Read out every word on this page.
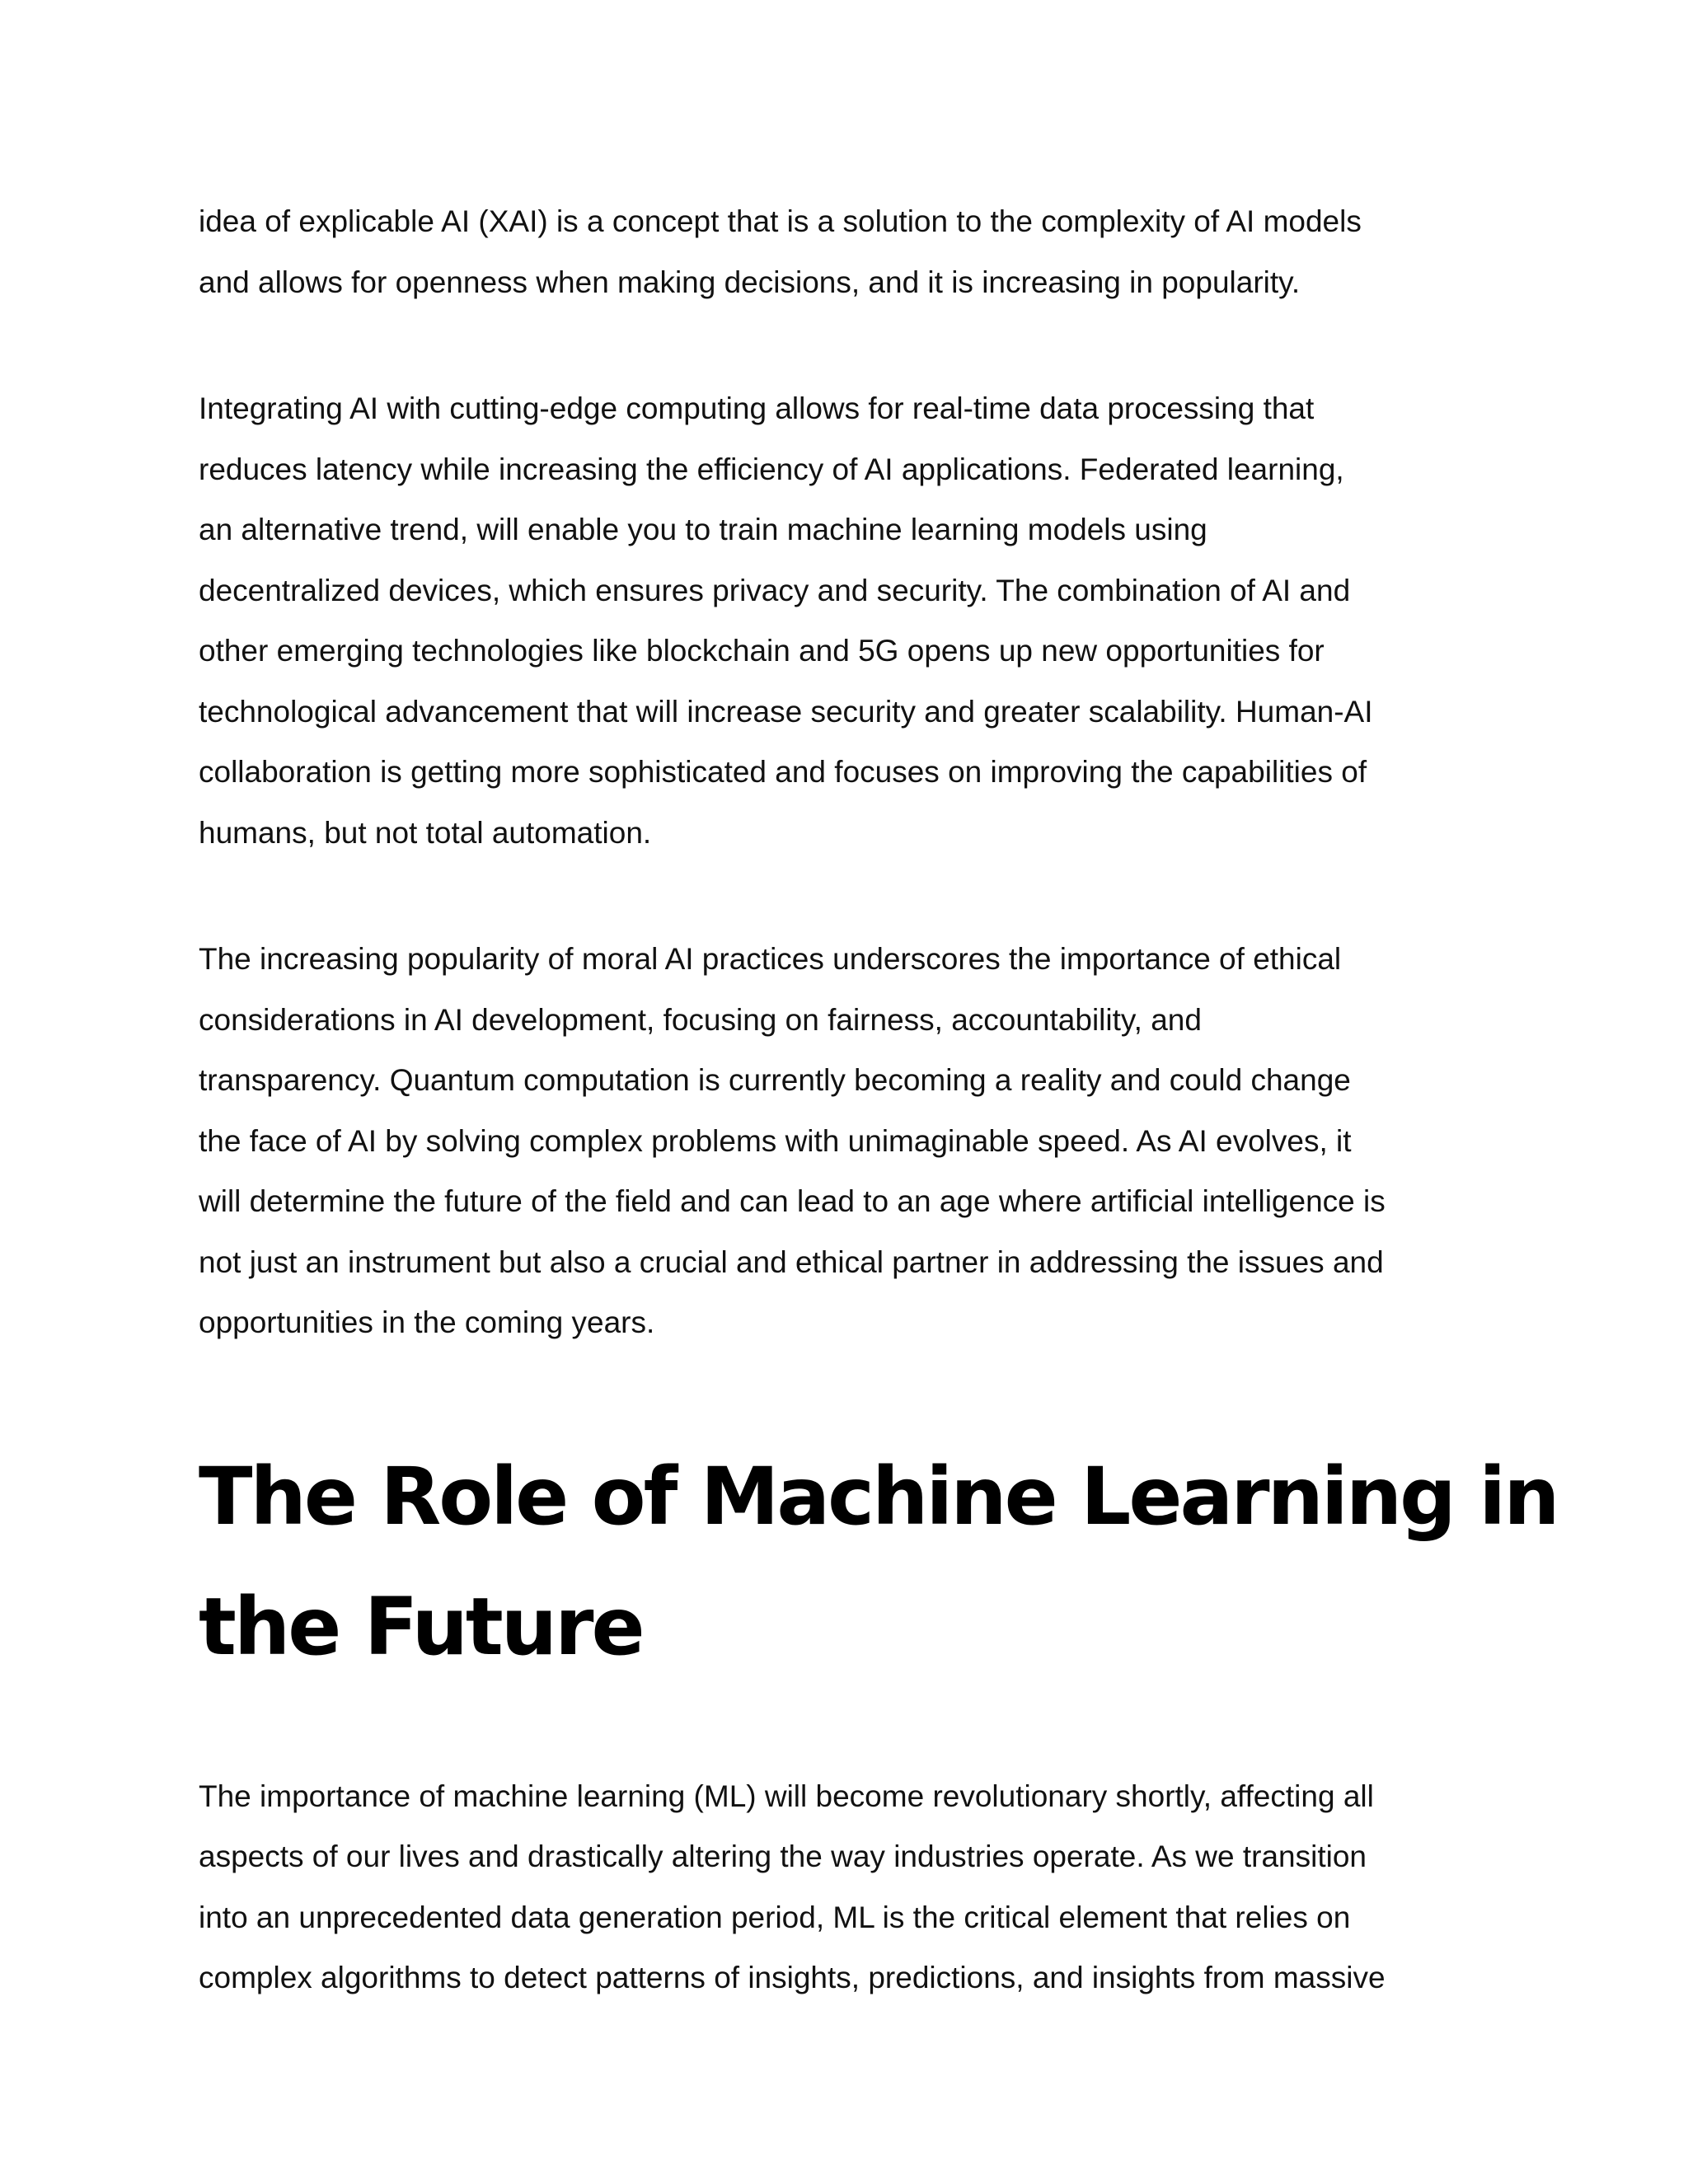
idea of explicable AI (XAI) is a concept that is a solution to the complexity of AI models
and allows for openness when making decisions, and it is increasing in popularity.

Integrating AI with cutting-edge computing allows for real-time data processing that
reduces latency while increasing the efficiency of AI applications. Federated learning,
an alternative trend, will enable you to train machine learning models using
decentralized devices, which ensures privacy and security. The combination of AI and
other emerging technologies like blockchain and 5G opens up new opportunities for
technological advancement that will increase security and greater scalability. Human-AI
collaboration is getting more sophisticated and focuses on improving the capabilities of
humans, but not total automation.

The increasing popularity of moral AI practices underscores the importance of ethical
considerations in AI development, focusing on fairness, accountability, and
transparency. Quantum computation is currently becoming a reality and could change
the face of AI by solving complex problems with unimaginable speed. As AI evolves, it
will determine the future of the field and can lead to an age where artificial intelligence is
not just an instrument but also a crucial and ethical partner in addressing the issues and
opportunities in the coming years.

The Role of Machine Learning in
the Future

The importance of machine learning (ML) will become revolutionary shortly, affecting all
aspects of our lives and drastically altering the way industries operate. As we transition
into an unprecedented data generation period, ML is the critical element that relies on
complex algorithms to detect patterns of insights, predictions, and insights from massive
